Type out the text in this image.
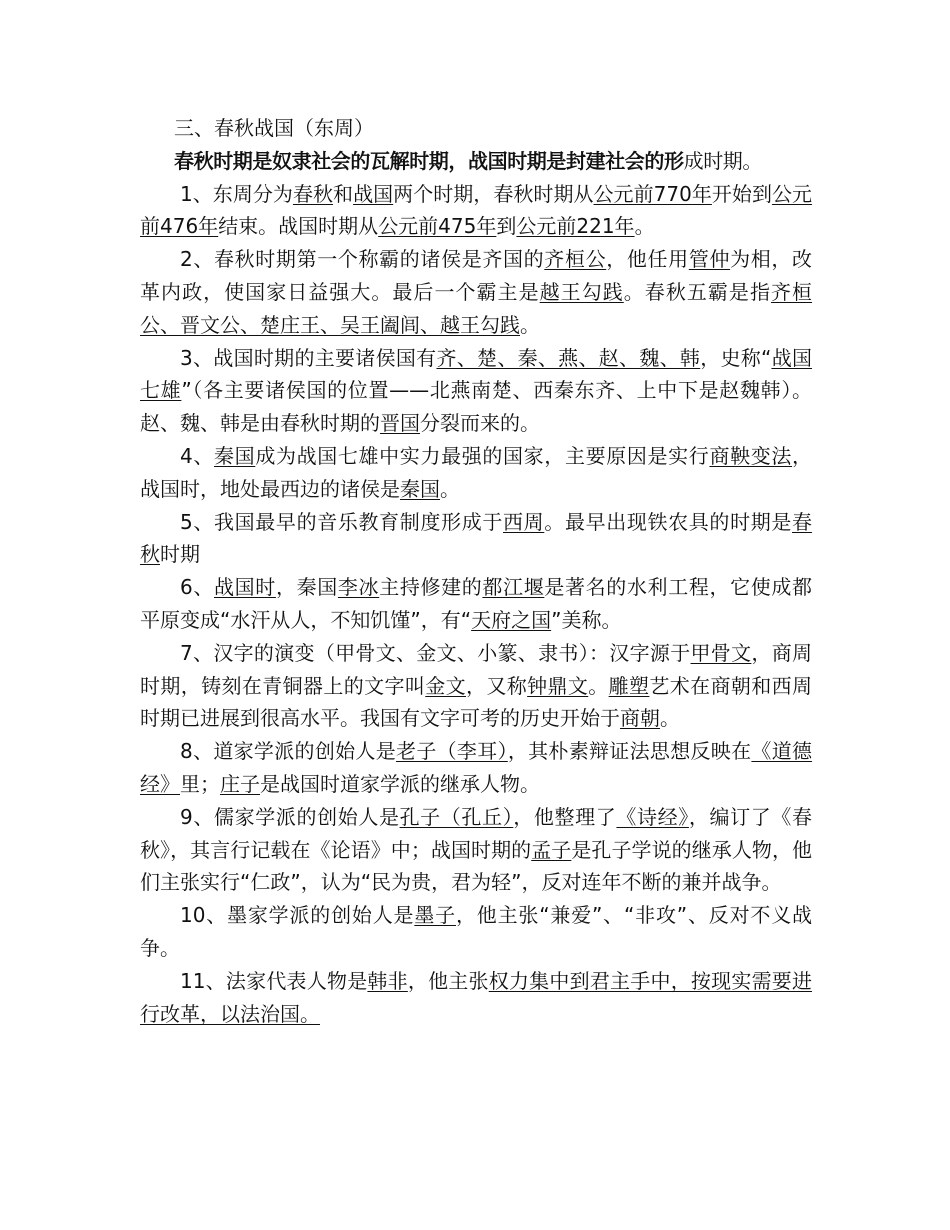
三、春秋战国（东周）

春秋时期是奴隶社会的瓦解时期，战国时期是封建社会的形成时期。

1、东周分为春秋和战国两个时期，春秋时期从公元前770年开始到公元前476年结束。战国时期从公元前475年到公元前221年。

2、春秋时期第一个称霸的诸侯是齐国的齐桓公，他任用管仲为相，改革内政，使国家日益强大。最后一个霸主是越王勾践。春秋五霸是指齐桓公、晋文公、楚庄王、吴王阖闾、越王勾践。

3、战国时期的主要诸侯国有齐、楚、秦、燕、赵、魏、韩，史称“战国七雄”（各主要诸侯国的位置——北燕南楚、西秦东齐、上中下是赵魏韩）。赵、魏、韩是由春秋时期的晋国分裂而来的。

4、秦国成为战国七雄中实力最强的国家，主要原因是实行商鞅变法，战国时，地处最西边的诸侯是秦国。

5、我国最早的音乐教育制度形成于西周。最早出现铁农具的时期是春秋时期

6、战国时，秦国李冰主持修建的都江堰是著名的水利工程，它使成都平原变成“水汗从人，不知饥馑”，有“天府之国”美称。

7、汉字的演变（甲骨文、金文、小篆、隶书）：汉字源于甲骨文，商周时期，铸刻在青铜器上的文字叫金文，又称钟鼎文。雕塑艺术在商朝和西周时期已进展到很高水平。我国有文字可考的历史开始于商朝。

8、道家学派的创始人是老子（李耳），其朴素辩证法思想反映在《道德经》里；庄子是战国时道家学派的继承人物。

9、儒家学派的创始人是孔子（孔丘），他整理了《诗经》，编订了《春秋》，其言行记载在《论语》中；战国时期的孟子是孔子学说的继承人物，他们主张实行“仁政”，认为“民为贵，君为轻”，反对连年不断的兼并战争。

10、墨家学派的创始人是墨子，他主张“兼爱”、“非攻”、反对不义战争。

11、法家代表人物是韩非，他主张权力集中到君主手中，按现实需要进行改革，以法治国。
